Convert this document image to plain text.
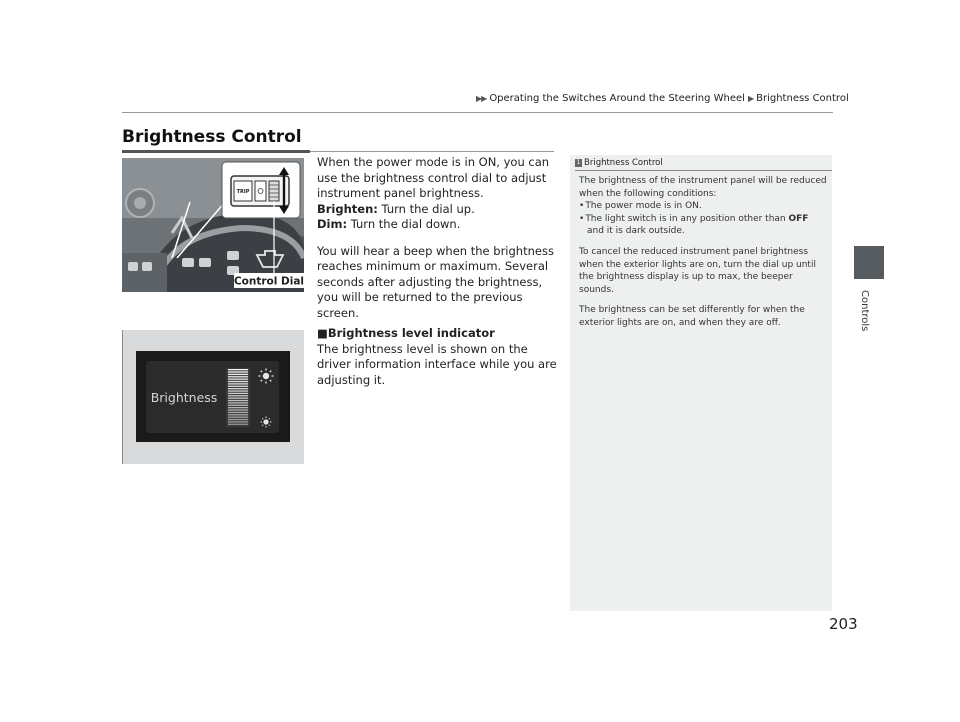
▶▶ Operating the Switches Around the Steering Wheel ▶ Brightness Control
Controls
Brightness Control
TRIP
Control Dial
Brightness

When the power mode is in ON, you can use the brightness control dial to adjust instrument panel brightness.

Brighten: Turn the dial up.

Dim: Turn the dial down.

You will hear a beep when the brightness reaches minimum or maximum. Several seconds after adjusting the brightness, you will be returned to the previous screen.

■Brightness level indicator

The brightness level is shown on the driver information interface while you are adjusting it.

1 Brightness Control

The brightness of the instrument panel will be reduced when the following conditions:

• The power mode is in ON.

• The light switch is in any position other than OFF

and it is dark outside.

To cancel the reduced instrument panel brightness when the exterior lights are on, turn the dial up until the brightness display is up to max, the beeper sounds.

The brightness can be set differently for when the exterior lights are on, and when they are off.

203
